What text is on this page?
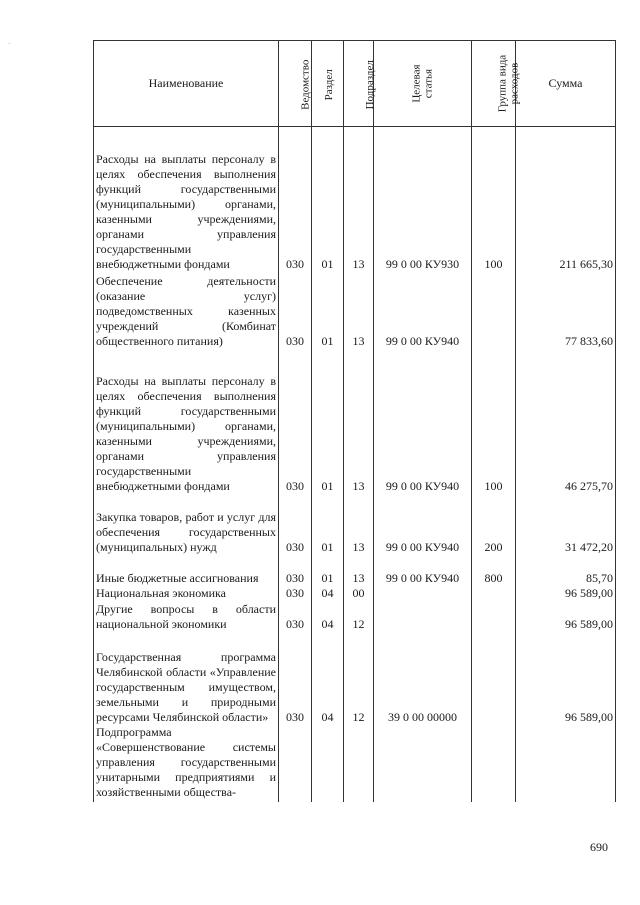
·
Наименование	Ведомство	Раздел	Подраздел	Целевая статья	Группа вида расходов	Сумма
Расходы на выплаты персоналу в целях обеспечения выполнения функций государственными (муниципальными) органами, казенными учреждениями, органами управления государственными внебюджетными фондами	030	01	13	99 0 00 КУ930	100	211 665,30
Обеспечение деятельности (оказание услуг) подведомственных казенных учреждений (Комбинат общественного питания)	030	01	13	99 0 00 КУ940		77 833,60
Расходы на выплаты персоналу в целях обеспечения выполнения функций государственными (муниципальными) органами, казенными учреждениями, органами управления государственными внебюджетными фондами	030	01	13	99 0 00 КУ940	100	46 275,70
Закупка товаров, работ и услуг для обеспечения государственных (муниципальных) нужд	030	01	13	99 0 00 КУ940	200	31 472,20
Иные бюджетные ассигнования	030	01	13	99 0 00 КУ940	800	85,70
Национальная экономика	030	04	00			96 589,00
Другие вопросы в области национальной экономики	030	04	12			96 589,00
Государственная программа Челябинской области «Управление государственным имуществом, земельными и природными ресурсами Челябинской области»	030	04	12	39 0 00 00000		96 589,00
Подпрограмма «Совершенствование системы управления государственными унитарными предприятиями и хозяйственными общества-						
690
